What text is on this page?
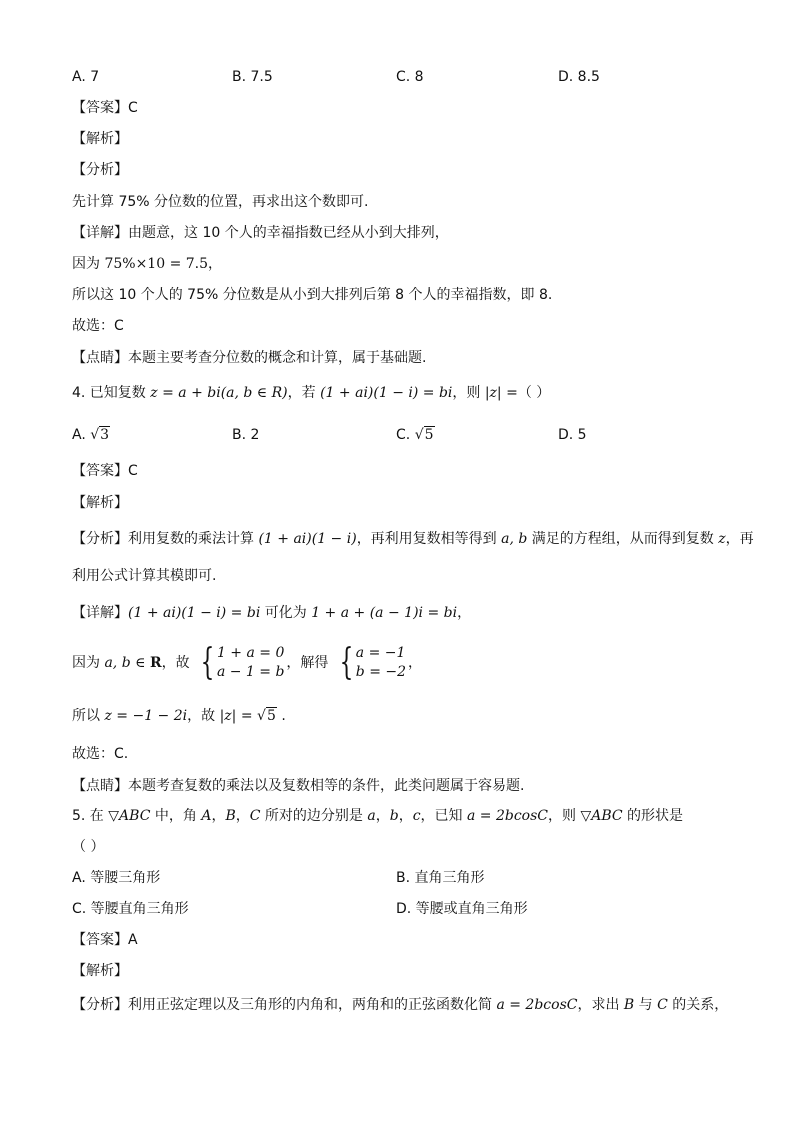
A. 7	B. 7.5	C. 8	D. 8.5
【答案】C
【解析】
【分析】
先计算 75% 分位数的位置，再求出这个数即可.
【详解】由题意，这 10 个人的幸福指数已经从小到大排列，
因为 75%×10 = 7.5，
所以这 10 个人的 75% 分位数是从小到大排列后第 8 个人的幸福指数，即 8.
故选：C
【点睛】本题主要考查分位数的概念和计算，属于基础题.
4. 已知复数 z = a + bi(a, b ∈ R)，若 (1 + ai)(1 − i) = bi，则 |z| =（ ）
A. √3	B. 2	C. √5	D. 5
【答案】C
【解析】
【分析】利用复数的乘法计算 (1 + ai)(1 − i)，再利用复数相等得到 a, b 满足的方程组，从而得到复数 z，再
利用公式计算其模即可.
【详解】(1 + ai)(1 − i) = bi 可化为 1 + a + (a − 1)i = bi，
因为 a, b ∈ R，故 { 1 + a = 0
a − 1 = b，解得 { a = −1
b = −2，
所以 z = −1 − 2i，故 |z| = √5 .
故选：C.
【点睛】本题考查复数的乘法以及复数相等的条件，此类问题属于容易题.
5. 在 ▽ABC 中，角 A，B，C 所对的边分别是 a，b，c，已知 a = 2bcosC，则 ▽ABC 的形状是
（ ）
A. 等腰三角形	B. 直角三角形
C. 等腰直角三角形	D. 等腰或直角三角形
【答案】A
【解析】
【分析】利用正弦定理以及三角形的内角和，两角和的正弦函数化简 a = 2bcosC，求出 B 与 C 的关系，
